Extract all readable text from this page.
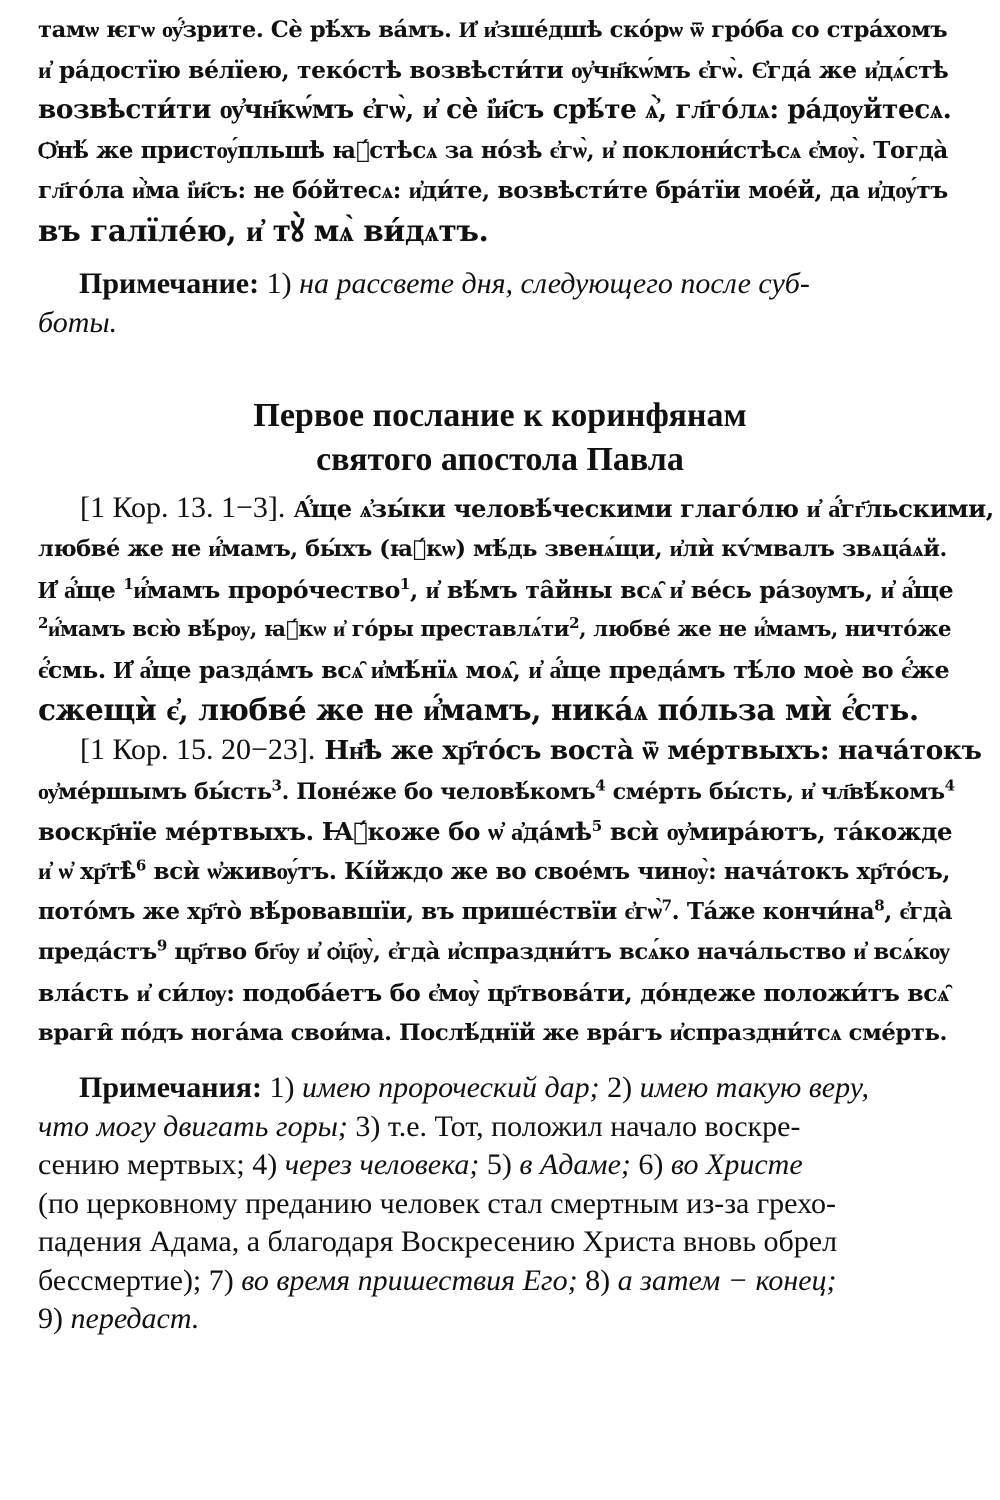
тамѡ ѥгѡ ѹ҆́зрите. Сѐ рѣ́хъ ва́мъ. И҆ и҆зше́дшѣ ско́рѡ ѿ гро́ба со стра́хомъ

и҆ ра́достїю ве́лїею, теко́стѣ возвѣсти́ти ѹ҆чн҃кѡ́мъ є҆гѡ̀. Є҆гда́ же и҆дѧ́стѣ

возвѣсти́ти ѹ҆чн҃кѡ́мъ є҆гѡ̀, и҆ сѐ і҆и҃съ срѣ́те ѧ҆̀, гл҃го́лѧ: ра́дѹйтесѧ.

Ѻ҆нѣ́ же пристѹ́пльшѣ ꙗ҆́стѣсѧ за но́зѣ є҆гѡ̀, и҆ поклони́стѣсѧ є҆мѹ̀. Тогда̀

гл҃го́ла и҆̀ма і҆и҃съ: не бо́йтесѧ: и҆ди́те, возвѣсти́те бра́тїи мое́й, да и҆дѹ́тъ

въ галїле́ю, и҆ тꙋ̀ мѧ̀ ви́дѧтъ.

Примечание: 1) на рассвете дня, следующего после суб-

боты.

Первое послание к коринфянам

святого апостола Павла

[1 Кор. 13. 1−3]. А҆́ще ѧ҆зы́ки человѣ́ческими глаго́лю и҆ а҆́гг҃льскими,

любве́ же не и҆́мамъ, бы́хъ (ꙗ҆́кѡ) мѣ́дь звенѧ́щи, и҆лѝ кѵ́мвалъ звѧца́ѧй.

И҆ а҆́ще $^1$и҆́мамъ проро́чество$^1$, и҆ вѣ́мъ та̑йны всѧ̑ и҆ ве́сь ра́зѹмъ, и҆ а҆́ще

$^2$и҆́мамъ всю̀ вѣ́рѹ, ꙗ҆́кѡ и҆ го́ры $преставлѧ́ти^2$, любве́ же не и҆́мамъ, ничто́же

є҆́смь. И҆ а҆́ще разда́мъ всѧ̑ и҆мѣ́нїѧ моѧ̑, и҆ а҆́ще преда́мъ тѣ́ло моѐ во є҆́же

сжещѝ є҆, любве́ же не и҆́мамъ, ника́ѧ по́льза мѝ є҆́сть.

[1 Кор. 15. 20−23]. Нн҃ѣ же хр҃то́съ воста̀ ѿ ме́ртвыхъ: нача́токъ

ѹ҆ме́ршымъ бы́сть$^3$. Поне́же бо человѣ́комъ$^4$ сме́рть бы́сть, и҆ чл҃вѣ́комъ$^4$

воскр҃нїе ме́ртвыхъ. Ꙗ҆́коже бо ѡ҆ $а҆да́мѣ^5$ всѝ ѹ҆мира́ютъ, та́кожде

и҆ ѡ҆ хр҃тѣ̀$^6$ всѝ ѡ҆живѹ́тъ. Кі́йждо же во свое́мъ чинѹ̀: нача́токъ хр҃то́съ,

пото́мъ же хр҃то̀ вѣ́ровавшїи, въ прише́ствїи є҆гѡ̀$^7$. Та́же $кончи́на^8$, є҆гда̀

преда́стъ$^9$ цр҃тво бг҃ѹ и҆ ѻ҆ц҃ѹ̀, є҆гда̀ и҆спраздни́тъ всѧ́ко нача́льство и҆ всѧ́кѹ

вла́сть и҆ си́лѹ: подоба́етъ бо є҆мѹ̀ цр҃твова́ти, до́ндеже положи́тъ всѧ̑

враги̑ по́дъ нога́ма свои́ма. Послѣ́днїй же вра́гъ и҆спраздни́тсѧ сме́рть.

Примечания: 1) имею пророческий дар; 2) имею такую веру,

что могу двигать горы; 3) т.е. Тот, положил начало воскре-

сению мертвых; 4) через человека; 5) в Адаме; 6) во Христе

(по церковному преданию человек стал смертным из-за грехо-

падения Адама, а благодаря Воскресению Христа вновь обрел

бессмертие); 7) во время пришествия Его; 8) а затем − конец;

9) передаст.
